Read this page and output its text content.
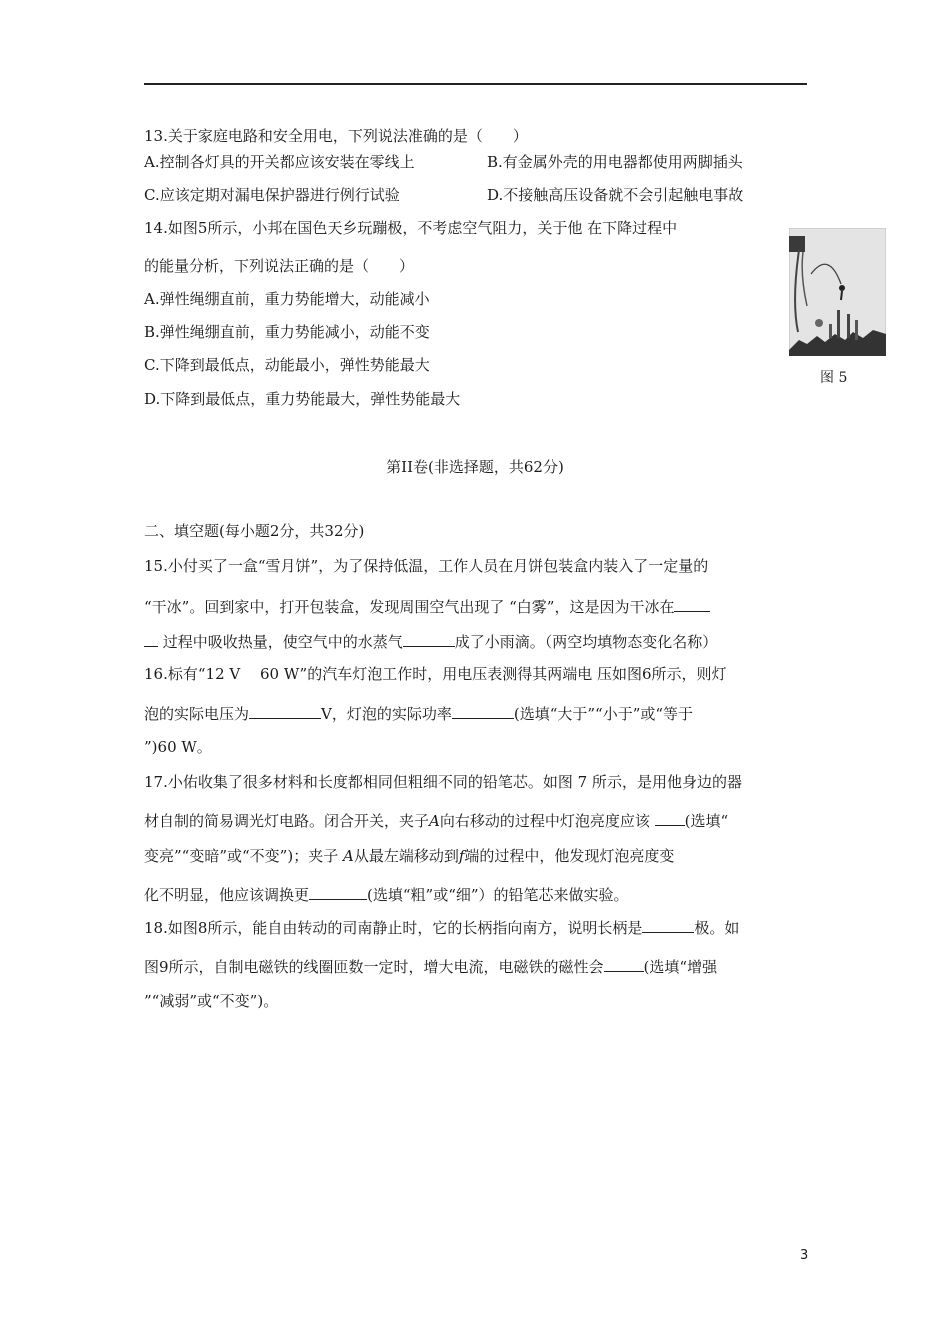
13.关于家庭电路和安全用电，下列说法准确的是（　　）
A.控制各灯具的开关都应该安装在零线上	B.有金属外壳的用电器都使用两脚插头
C.应该定期对漏电保护器进行例行试验	D.不接触高压设备就不会引起触电事故
14.如图5所示，小邦在国色天乡玩蹦极，不考虑空气阻力，关于他 在下降过程中
的能量分析，下列说法正确的是（　　）
A.弹性绳绷直前，重力势能增大，动能减小
B.弹性绳绷直前，重力势能减小，动能不变
C.下降到最低点，动能最小，弹性势能最大
D.下降到最低点，重力势能最大，弹性势能最大
图 5
第II卷(非选择题，共62分)
二、填空题(每小题2分，共32分)
15.小付买了一盒“雪月饼”，为了保持低温，工作人员在月饼包装盒内装入了一定量的
“干冰”。回到家中，打开包装盒，发现周围空气出现了 “白雾”，这是因为干冰在
过程中吸收热量，使空气中的水蒸气	成了小雨滴。（两空均填物态变化名称）
16.标有“12 V　 60 W”的汽车灯泡工作时，用电压表测得其两端电 压如图6所示，则灯
泡的实际电压为	V，灯泡的实际功率	(选填“大于”“小于”或“等于
”)60 W。
17.小佑收集了很多材料和长度都相同但粗细不同的铅笔芯。如图 7 所示，是用他身边的器
材自制的简易调光灯电路。闭合开关，夹子A向右移动的过程中灯泡亮度应该 (选填“
变亮”“变暗”或“不变”)；夹子 A从最左端移动到f端的过程中，他发现灯泡亮度变
化不明显，他应该调换更	(选填“粗”或“细”）的铅笔芯来做实验。
18.如图8所示，能自由转动的司南静止时，它的长柄指向南方，说明长柄是	极。如
图9所示，自制电磁铁的线圈匝数一定时，增大电流，电磁铁的磁性会	(选填“增强
”“减弱”或“不变”)。
3
